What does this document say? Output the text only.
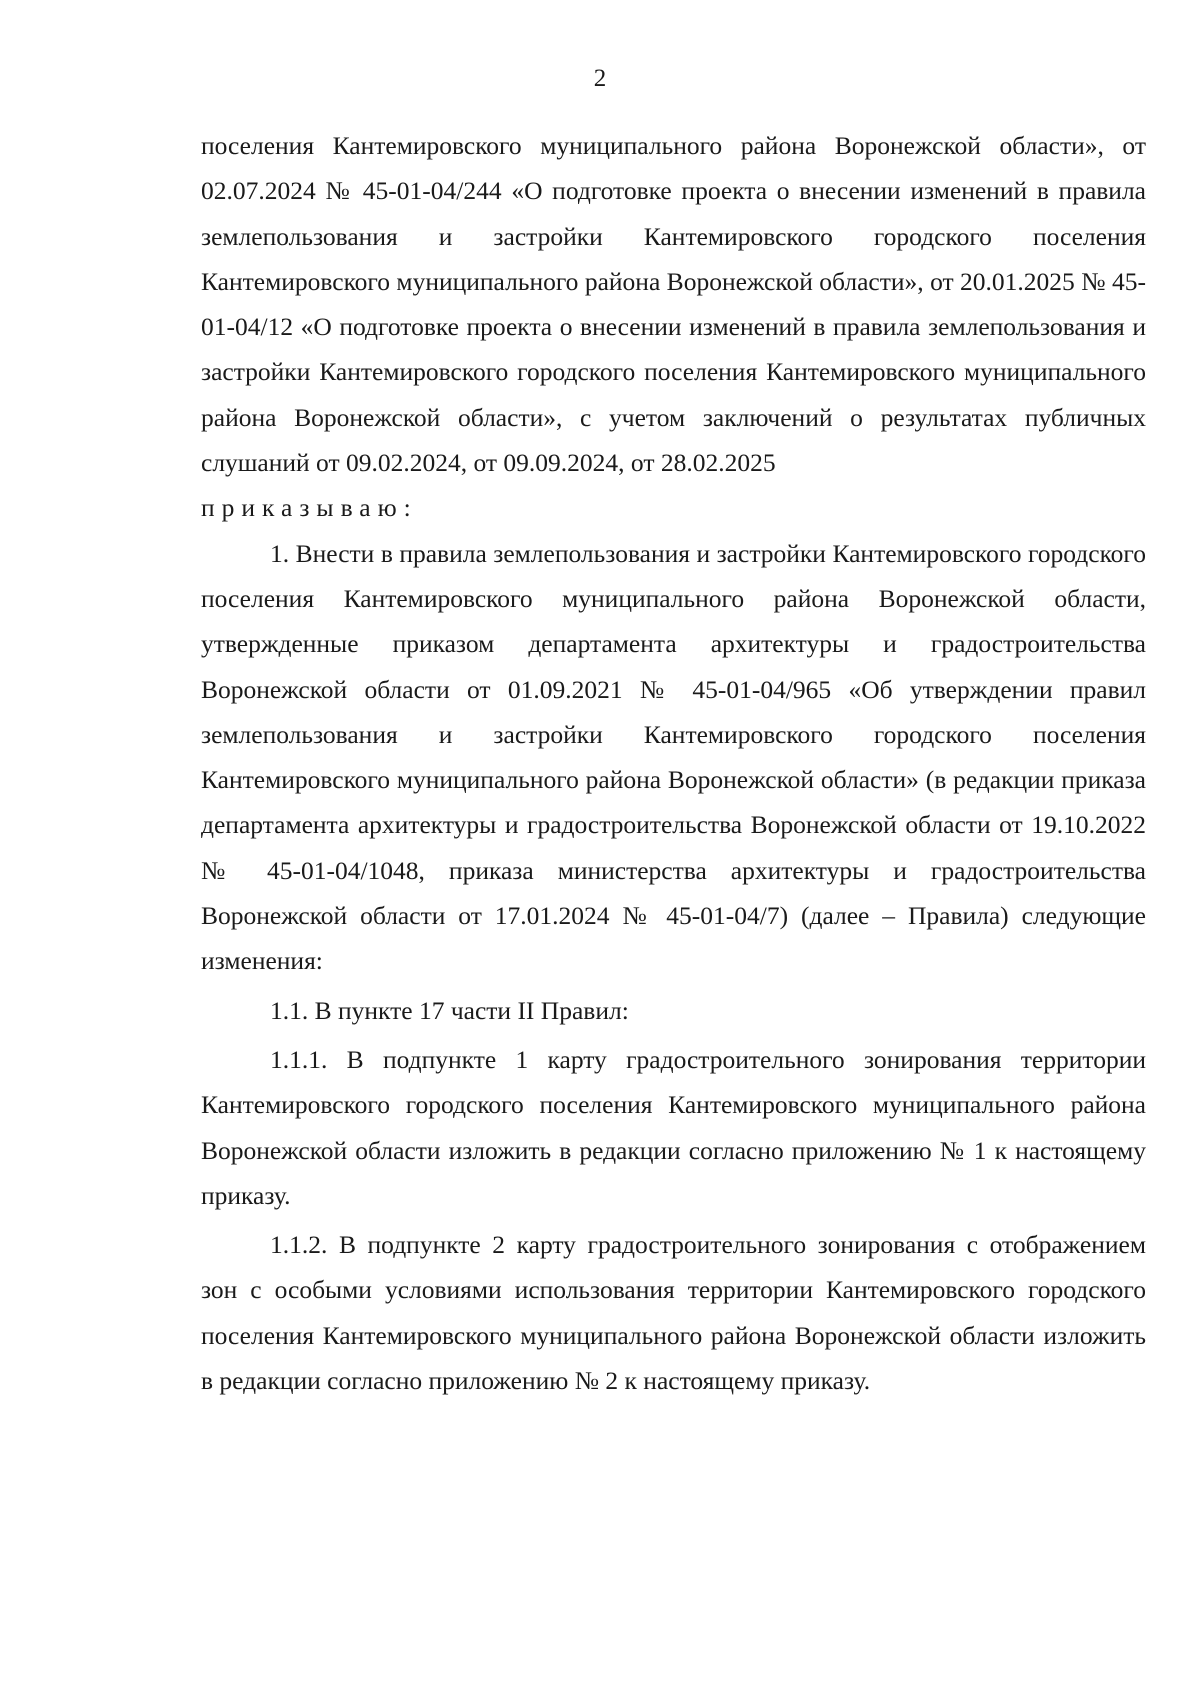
2

поселения Кантемировского муниципального района Воронежской области», от 02.07.2024 № 45-01-04/244 «О подготовке проекта о внесении изменений в правила землепользования и застройки Кантемировского городского поселения Кантемировского муниципального района Воронежской области», от 20.01.2025 № 45-01-04/12 «О подготовке проекта о внесении изменений в правила землепользования и застройки Кантемировского городского поселения Кантемировского муниципального района Воронежской области», с учетом заключений о результатах публичных слушаний от 09.02.2024, от 09.09.2024, от 28.02.2025

приказываю:

1. Внести в правила землепользования и застройки Кантемировского городского поселения Кантемировского муниципального района Воронежской области, утвержденные приказом департамента архитектуры и градостроительства Воронежской области от 01.09.2021 № 45-01-04/965 «Об утверждении правил землепользования и застройки Кантемировского городского поселения Кантемировского муниципального района Воронежской области» (в редакции приказа департамента архитектуры и градостроительства Воронежской области от 19.10.2022 № 45-01-04/1048, приказа министерства архитектуры и градостроительства Воронежской области от 17.01.2024 № 45-01-04/7) (далее – Правила) следующие изменения:

1.1. В пункте 17 части II Правил:

1.1.1. В подпункте 1 карту градостроительного зонирования территории Кантемировского городского поселения Кантемировского муниципального района Воронежской области изложить в редакции согласно приложению № 1 к настоящему приказу.

1.1.2. В подпункте 2 карту градостроительного зонирования с отображением зон с особыми условиями использования территории Кантемировского городского поселения Кантемировского муниципального района Воронежской области изложить в редакции согласно приложению № 2 к настоящему приказу.
